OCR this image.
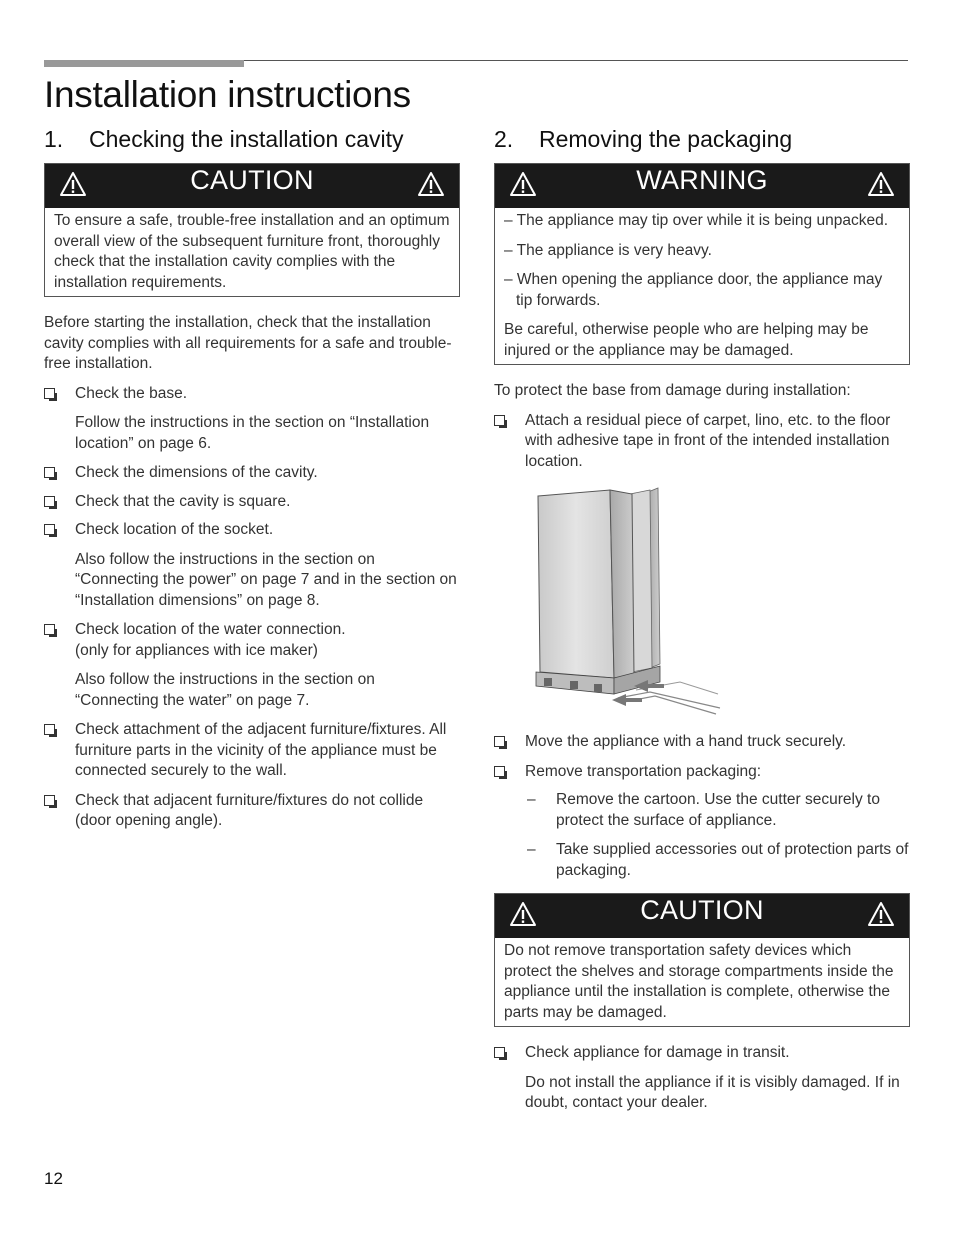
Installation instructions
1. Checking the installation cavity
CAUTION

To ensure a safe, trouble-free installation and an optimum overall view of the subsequent furniture front, thoroughly check that the installation cavity complies with the installation requirements.

Before starting the installation, check that the installation cavity complies with all requirements for a safe and trouble-free installation.

Check the base.

Follow the instructions in the section on “Installation location” on page 6.

Check the dimensions of the cavity.
Check that the cavity is square.
Check location of the socket.

Also follow the instructions in the section on “Connecting the power” on page 7 and in the section on “Installation dimensions” on page 8.

Check location of the water connection.
(only for appliances with ice maker)

Also follow the instructions in the section on “Connecting the water” on page 7.

Check attachment of the adjacent furniture/fixtures. All furniture parts in the vicinity of the appliance must be connected securely to the wall.
Check that adjacent furniture/fixtures do not collide (door opening angle).
2. Removing the packaging
WARNING

– The appliance may tip over while it is being unpacked.

– The appliance is very heavy.

– When opening the appliance door, the appliance may tip forwards.

Be careful, otherwise people who are helping may be injured or the appliance may be damaged.

To protect the base from damage during installation:

Attach a residual piece of carpet, lino, etc. to the floor with adhesive tape in front of the intended installation location.
Move the appliance with a hand truck securely.
Remove transportation packaging:
– Remove the cartoon. Use the cutter securely to protect the surface of appliance.
– Take supplied accessories out of protection parts of packaging.
CAUTION

Do not remove transportation safety devices which protect the shelves and storage compartments inside the appliance until the installation is complete, otherwise the parts may be damaged.

Check appliance for damage in transit.

Do not install the appliance if it is visibly damaged. If in doubt, contact your dealer.

12
